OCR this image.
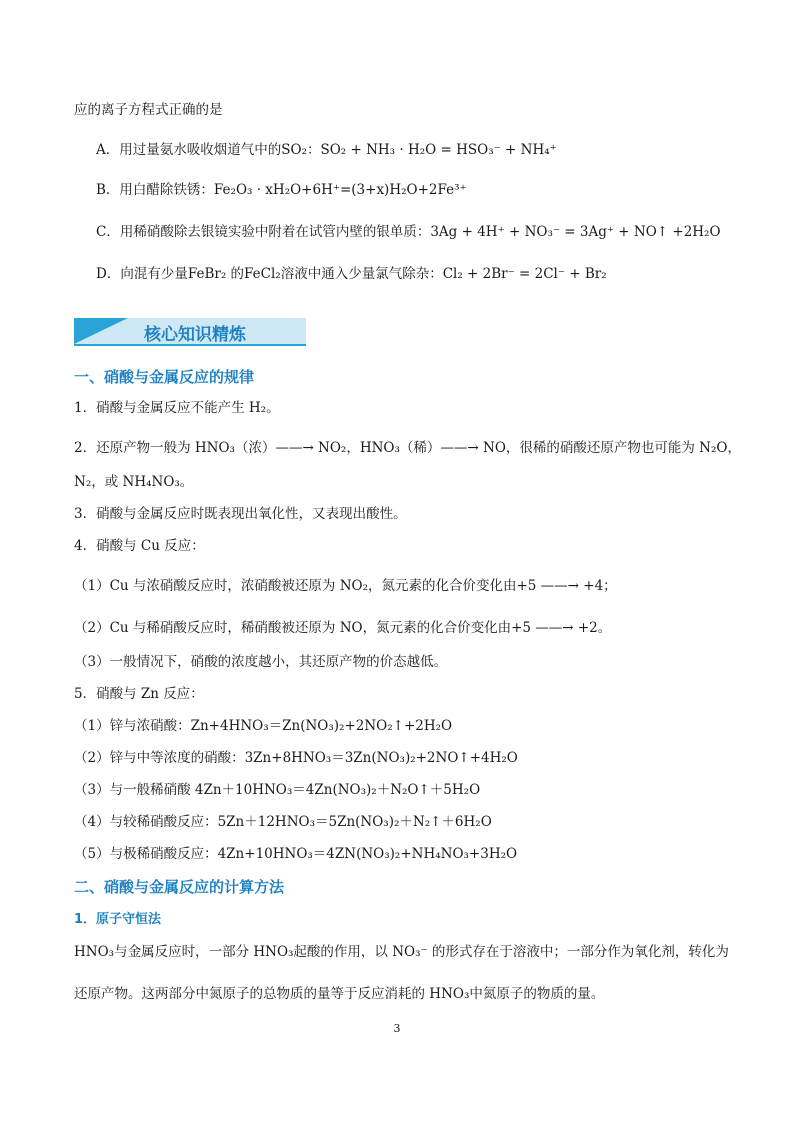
应的离子方程式正确的是
A．用过量氨水吸收烟道气中的SO₂：SO₂ + NH₃ · H₂O = HSO₃⁻ + NH₄⁺
B．用白醋除铁锈：Fe₂O₃ · xH₂O+6H⁺=(3+x)H₂O+2Fe³⁺
C．用稀硝酸除去银镜实验中附着在试管内壁的银单质：3Ag + 4H⁺ + NO₃⁻ = 3Ag⁺ + NO↑ +2H₂O
D．向混有少量FeBr₂ 的FeCl₂溶液中通入少量氯气除杂：Cl₂ + 2Br⁻ = 2Cl⁻ + Br₂
核心知识精炼
一、硝酸与金属反应的规律
1．硝酸与金属反应不能产生 H₂。
2．还原产物一般为 HNO₃（浓）——→ NO₂，HNO₃（稀）——→ NO，很稀的硝酸还原产物也可能为 N₂O，
N₂，或 NH₄NO₃。
3．硝酸与金属反应时既表现出氧化性，又表现出酸性。
4．硝酸与 Cu 反应：
（1）Cu 与浓硝酸反应时，浓硝酸被还原为 NO₂，氮元素的化合价变化由+5 ——→ +4；
（2）Cu 与稀硝酸反应时，稀硝酸被还原为 NO，氮元素的化合价变化由+5 ——→ +2。
（3）一般情况下，硝酸的浓度越小，其还原产物的价态越低。
5．硝酸与 Zn 反应：
（1）锌与浓硝酸：Zn+4HNO₃＝Zn(NO₃)₂+2NO₂↑+2H₂O
（2）锌与中等浓度的硝酸：3Zn+8HNO₃＝3Zn(NO₃)₂+2NO↑+4H₂O
（3）与一般稀硝酸 4Zn＋10HNO₃＝4Zn(NO₃)₂＋N₂O↑＋5H₂O
（4）与较稀硝酸反应：5Zn＋12HNO₃＝5Zn(NO₃)₂＋N₂↑＋6H₂O
（5）与极稀硝酸反应：4Zn+10HNO₃＝4ZN(NO₃)₂+NH₄NO₃+3H₂O
二、硝酸与金属反应的计算方法
1．原子守恒法
HNO₃与金属反应时，一部分 HNO₃起酸的作用，以 NO₃⁻ 的形式存在于溶液中；一部分作为氧化剂，转化为
还原产物。这两部分中氮原子的总物质的量等于反应消耗的 HNO₃中氮原子的物质的量。
3
